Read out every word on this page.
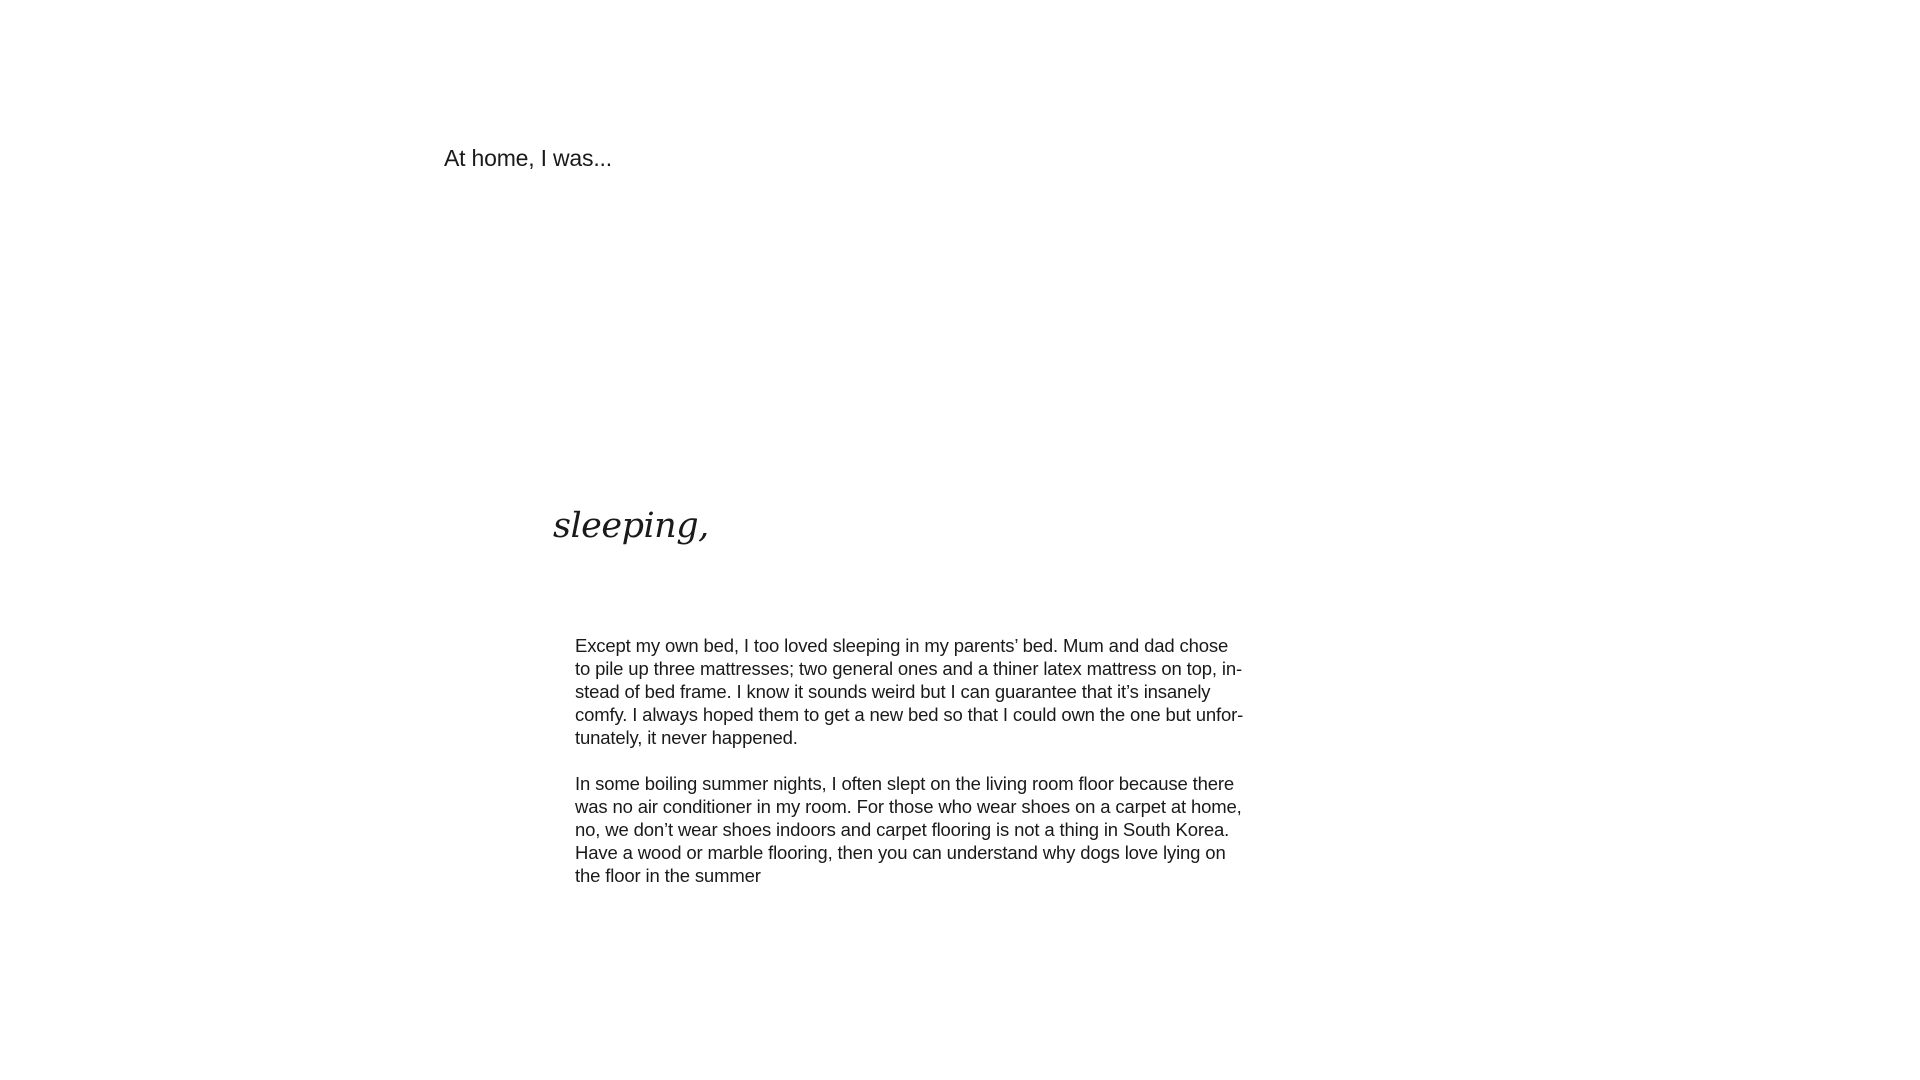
At home, I was...
sleeping,

Except my own bed, I too loved sleeping in my parents’ bed. Mum and dad chose
to pile up three mattresses; two general ones and a thiner latex mattress on top, in-
stead of bed frame. I know it sounds weird but I can guarantee that it’s insanely
comfy. I always hoped them to get a new bed so that I could own the one but unfor-
tunately, it never happened.

In some boiling summer nights, I often slept on the living room floor because there
was no air conditioner in my room. For those who wear shoes on a carpet at home,
no, we don’t wear shoes indoors and carpet flooring is not a thing in South Korea.
Have a wood or marble flooring, then you can understand why dogs love lying on
the floor in the summer
